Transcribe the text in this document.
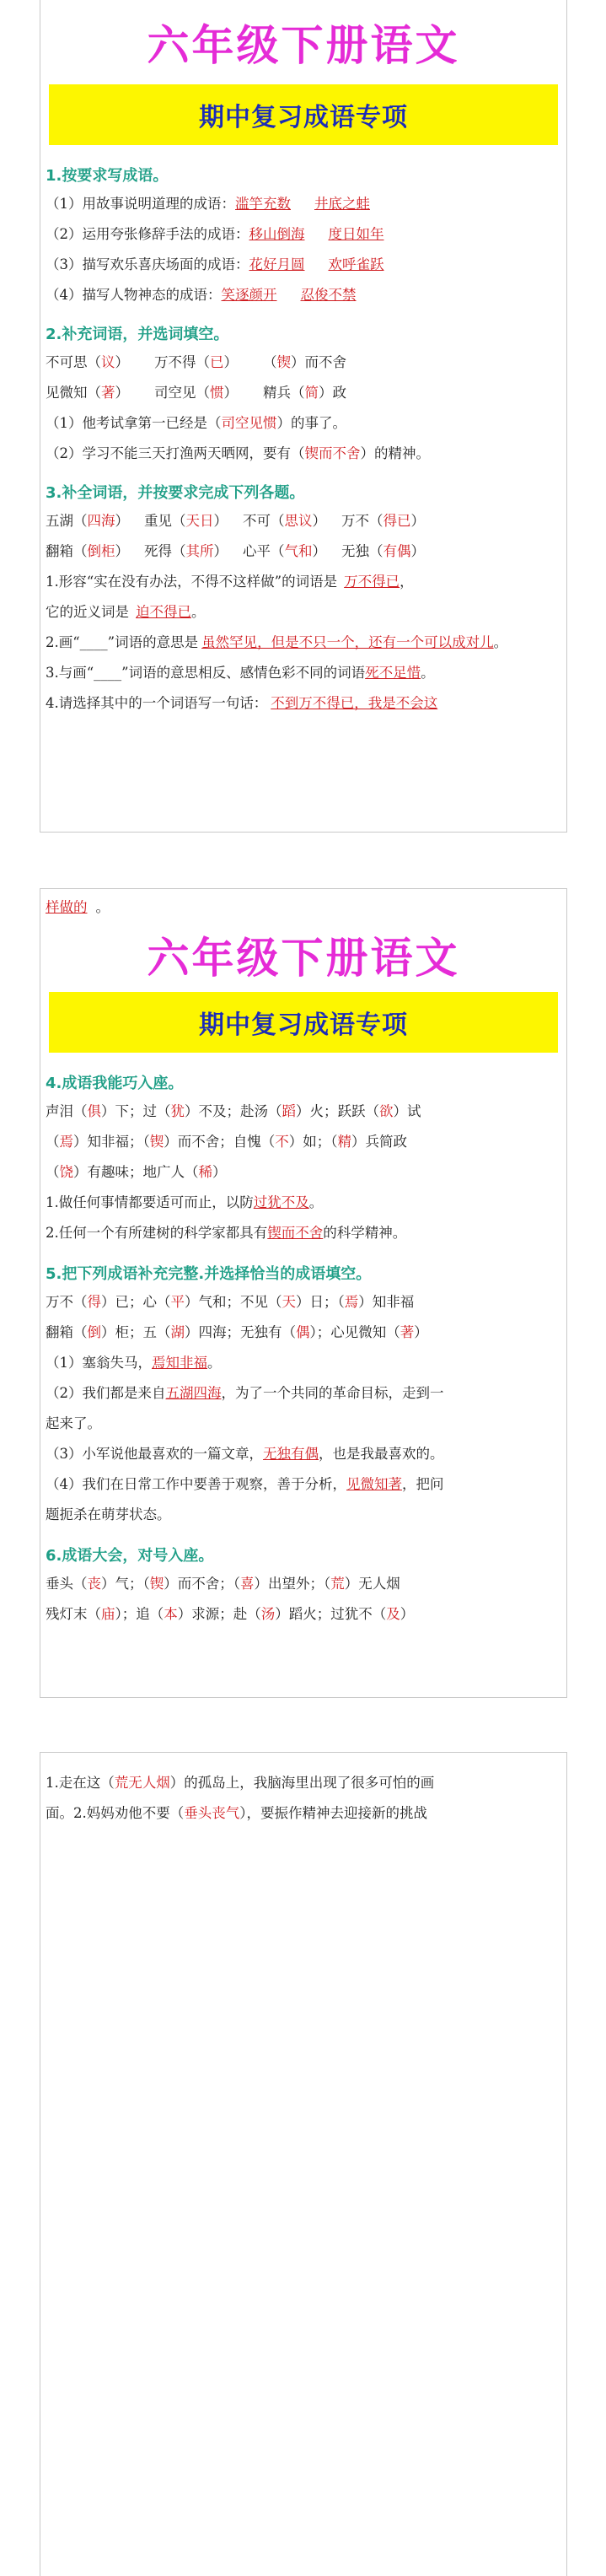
六年级下册语文
期中复习成语专项

1.按要求写成语。

（1）用故事说明道理的成语：滥竽充数 井底之蛙
（2）运用夸张修辞手法的成语：移山倒海 度日如年
（3）描写欢乐喜庆场面的成语：花好月圆 欢呼雀跃
（4）描写人物神态的成语：笑逐颜开 忍俊不禁

2.补充词语，并选词填空。

不可思（议） 万不得（已） （锲）而不舍
见微知（著） 司空见（惯） 精兵（简）政
（1）他考试拿第一已经是（司空见惯）的事了。
（2）学习不能三天打渔两天晒网，要有（锲而不舍）的精神。

3.补全词语，并按要求完成下列各题。

五湖（四海） 重见（天日） 不可（思议） 万不（得已）
翻箱（倒柜） 死得（其所） 心平（气和） 无独（有偶）
1.形容“实在没有办法，不得不这样做”的词语是 万不得已，
它的近义词是 迫不得已。
2.画“____”词语的意思是 虽然罕见，但是不只一个，还有一个可以成对儿。
3.与画“____”词语的意思相反、感情色彩不同的词语死不足惜。
4.请选择其中的一个词语写一句话： 不到万不得已，我是不会这
样做的 。
六年级下册语文
期中复习成语专项

4.成语我能巧入座。

声泪（俱）下；过（犹）不及；赴汤（蹈）火；跃跃（欲）试
（焉）知非福；（锲）而不舍；自愧（不）如；（精）兵简政
（饶）有趣味；地广人（稀）
1.做任何事情都要适可而止，以防过犹不及。
2.任何一个有所建树的科学家都具有锲而不舍的科学精神。

5.把下列成语补充完整.并选择恰当的成语填空。

万不（得）已；心（平）气和；不见（天）日；（焉）知非福
翻箱（倒）柜；五（湖）四海；无独有（偶）；心见微知（著）
（1）塞翁失马，焉知非福。
（2）我们都是来自五湖四海，为了一个共同的革命目标，走到一
起来了。
（3）小军说他最喜欢的一篇文章，无独有偶，也是我最喜欢的。
（4）我们在日常工作中要善于观察，善于分析，见微知著，把问
题扼杀在萌芽状态。

6.成语大会，对号入座。

垂头（丧）气；（锲）而不舍；（喜）出望外；（荒）无人烟
残灯末（庙）；追（本）求源；赴（汤）蹈火；过犹不（及）
1.走在这（荒无人烟）的孤岛上，我脑海里出现了很多可怕的画
面。2.妈妈劝他不要（垂头丧气），要振作精神去迎接新的挑战
